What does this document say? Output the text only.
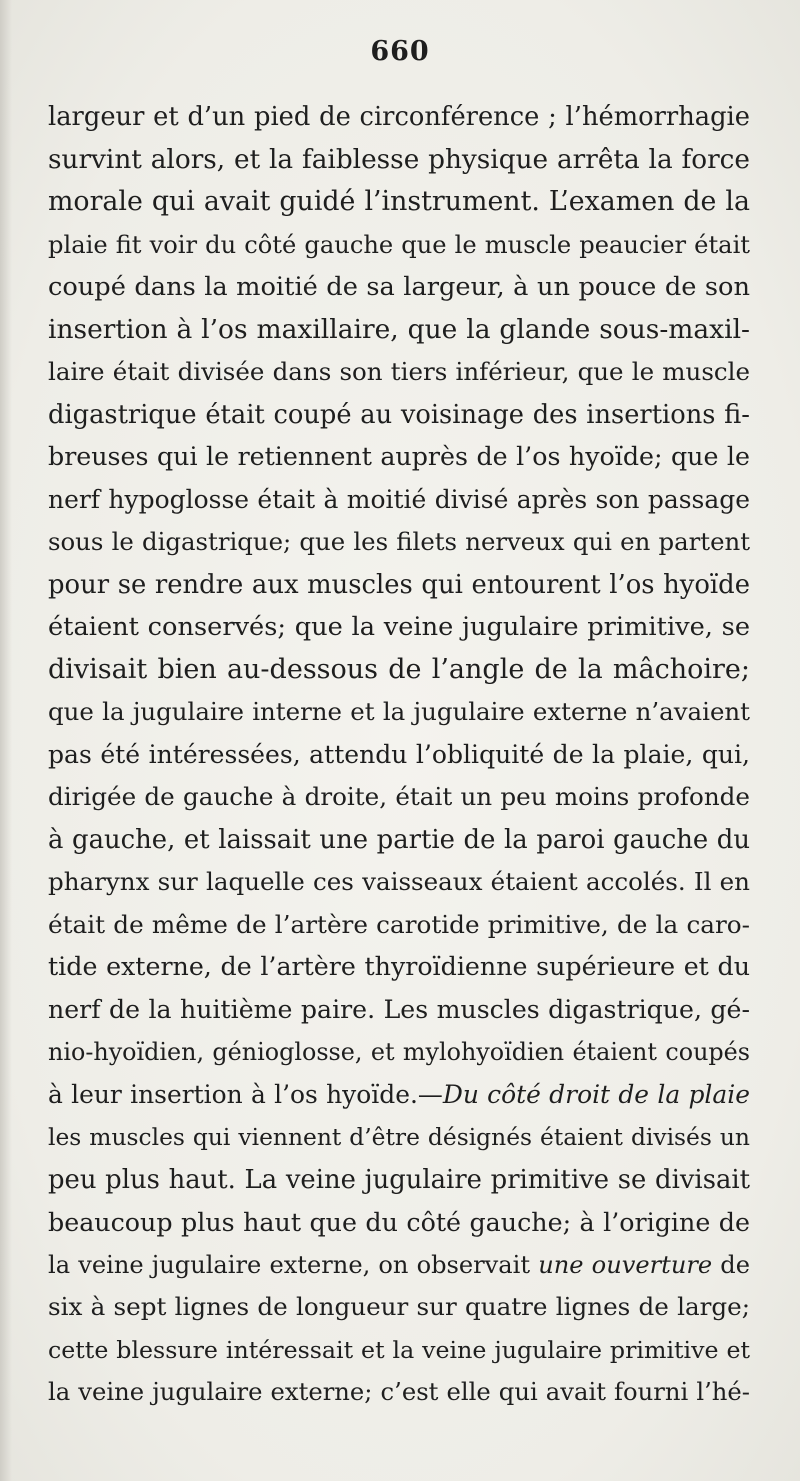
660
largeur et d’un pied de circonférence ; l’hémorrhagie
survint alors, et la faiblesse physique arrêta la force
morale qui avait guidé l’instrument. L’examen de la
plaie fit voir du côté gauche que le muscle peaucier était
coupé dans la moitié de sa largeur, à un pouce de son
insertion à l’os maxillaire, que la glande sous-maxil-
laire était divisée dans son tiers inférieur, que le muscle
digastrique était coupé au voisinage des insertions fi-
breuses qui le retiennent auprès de l’os hyoïde; que le
nerf hypoglosse était à moitié divisé après son passage
sous le digastrique; que les filets nerveux qui en partent
pour se rendre aux muscles qui entourent l’os hyoïde
étaient conservés; que la veine jugulaire primitive, se
divisait bien au-dessous de l’angle de la mâchoire;
que la jugulaire interne et la jugulaire externe n’avaient
pas été intéressées, attendu l’obliquité de la plaie, qui,
dirigée de gauche à droite, était un peu moins profonde
à gauche, et laissait une partie de la paroi gauche du
pharynx sur laquelle ces vaisseaux étaient accolés. Il en
était de même de l’artère carotide primitive, de la caro-
tide externe, de l’artère thyroïdienne supérieure et du
nerf de la huitième paire. Les muscles digastrique, gé-
nio-hyoïdien, génioglosse, et mylohyoïdien étaient coupés
à leur insertion à l’os hyoïde.—Du côté droit de la plaie
les muscles qui viennent d’être désignés étaient divisés un
peu plus haut. La veine jugulaire primitive se divisait
beaucoup plus haut que du côté gauche; à l’origine de
la veine jugulaire externe, on observait une ouverture de
six à sept lignes de longueur sur quatre lignes de large;
cette blessure intéressait et la veine jugulaire primitive et
la veine jugulaire externe; c’est elle qui avait fourni l’hé-
